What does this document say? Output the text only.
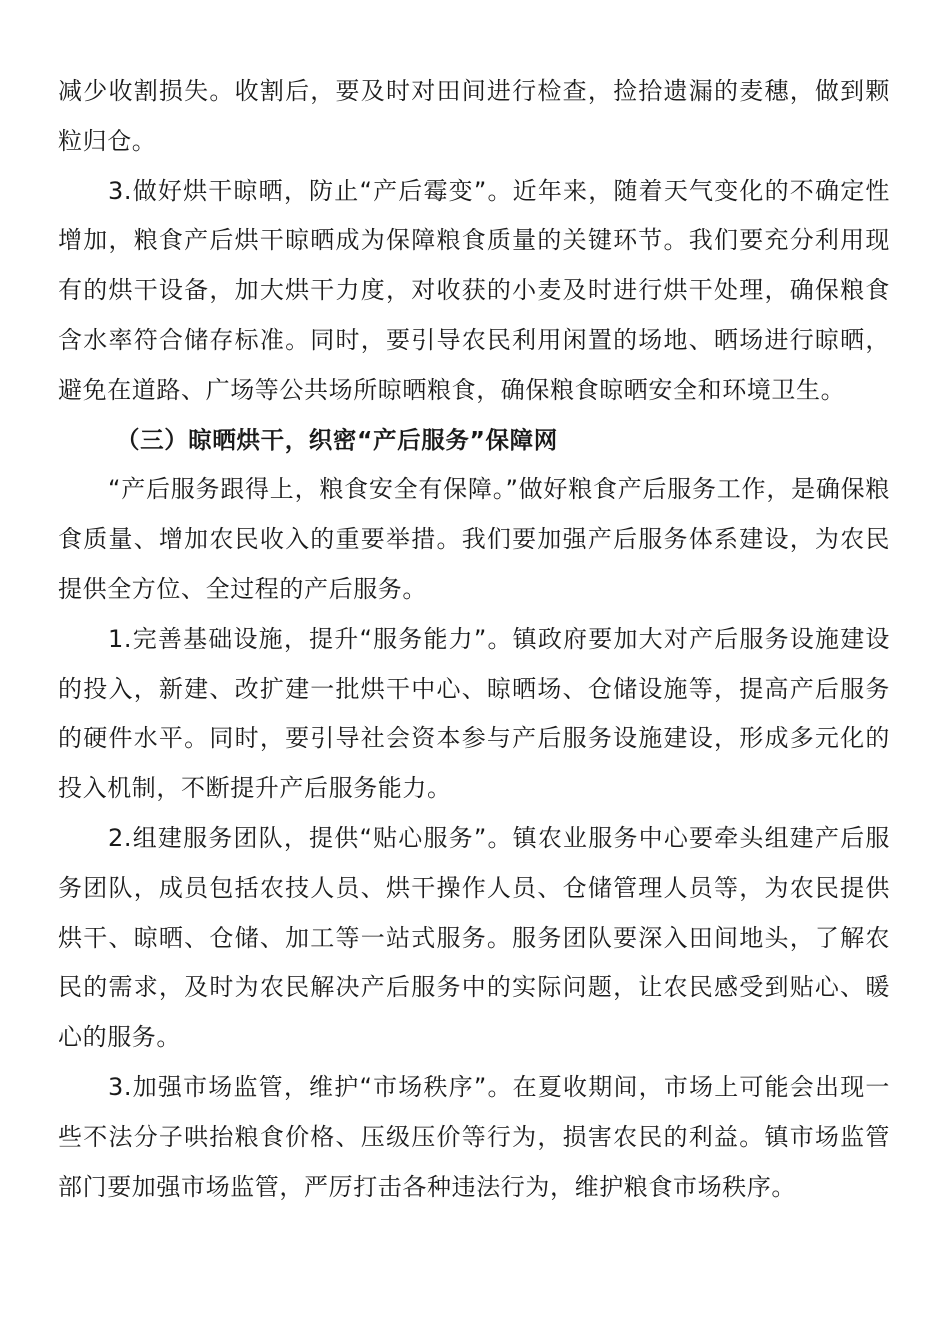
减少收割损失。收割后，要及时对田间进行检查，捡拾遗漏的麦穗，做到颗粒归仓。

3.做好烘干晾晒，防止“产后霉变”。近年来，随着天气变化的不确定性增加，粮食产后烘干晾晒成为保障粮食质量的关键环节。我们要充分利用现有的烘干设备，加大烘干力度，对收获的小麦及时进行烘干处理，确保粮食含水率符合储存标准。同时，要引导农民利用闲置的场地、晒场进行晾晒，避免在道路、广场等公共场所晾晒粮食，确保粮食晾晒安全和环境卫生。

（三）晾晒烘干，织密“产后服务”保障网

“产后服务跟得上，粮食安全有保障。”做好粮食产后服务工作，是确保粮食质量、增加农民收入的重要举措。我们要加强产后服务体系建设，为农民提供全方位、全过程的产后服务。

1.完善基础设施，提升“服务能力”。镇政府要加大对产后服务设施建设的投入，新建、改扩建一批烘干中心、晾晒场、仓储设施等，提高产后服务的硬件水平。同时，要引导社会资本参与产后服务设施建设，形成多元化的投入机制，不断提升产后服务能力。

2.组建服务团队，提供“贴心服务”。镇农业服务中心要牵头组建产后服务团队，成员包括农技人员、烘干操作人员、仓储管理人员等，为农民提供烘干、晾晒、仓储、加工等一站式服务。服务团队要深入田间地头，了解农民的需求，及时为农民解决产后服务中的实际问题，让农民感受到贴心、暖心的服务。

3.加强市场监管，维护“市场秩序”。在夏收期间，市场上可能会出现一些不法分子哄抬粮食价格、压级压价等行为，损害农民的利益。镇市场监管部门要加强市场监管，严厉打击各种违法行为，维护粮食市场秩序。
